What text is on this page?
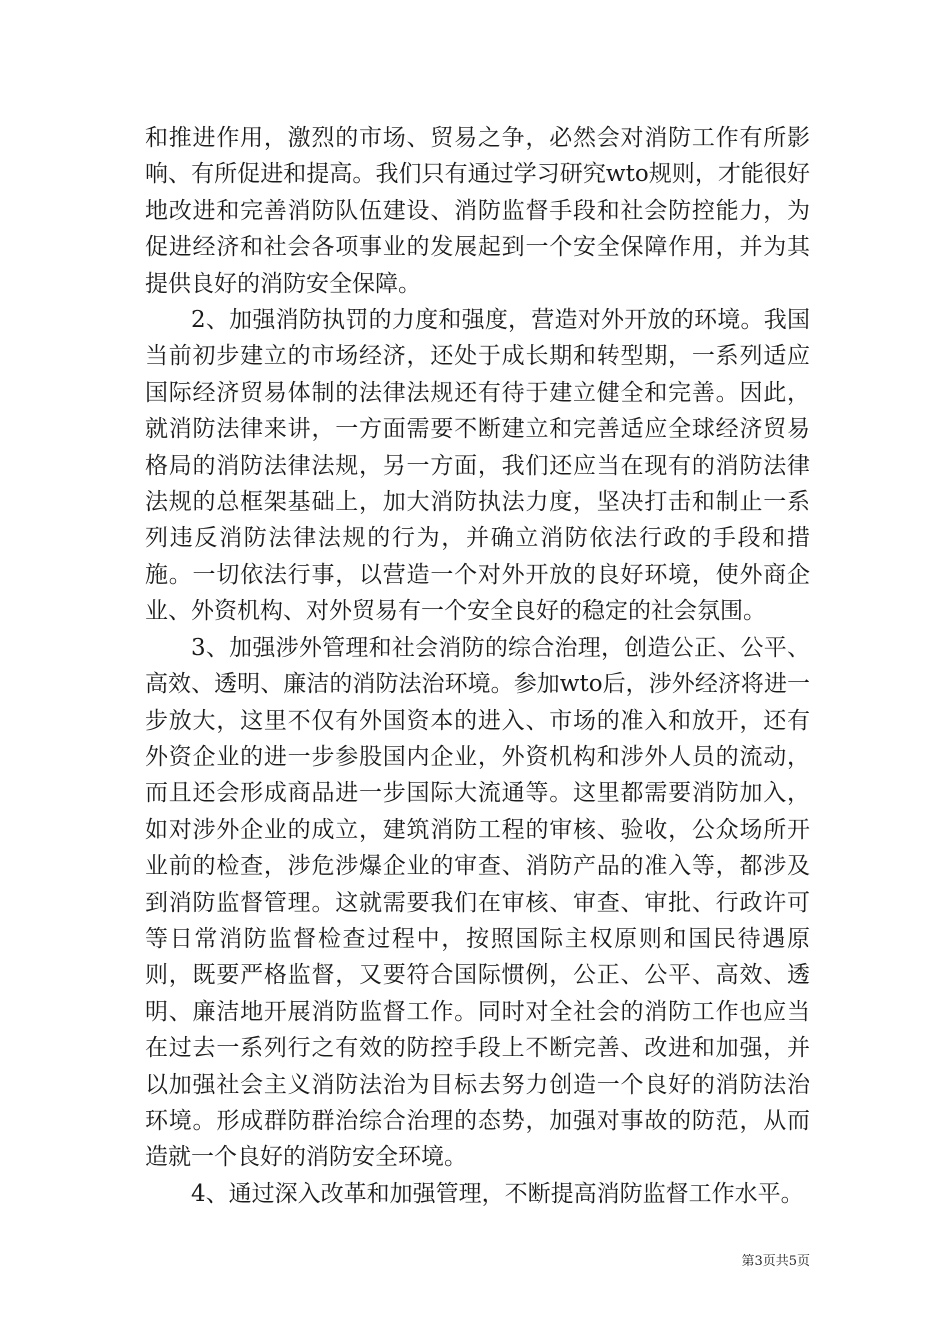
和推进作用，激烈的市场、贸易之争，必然会对消防工作有所影响、有所促进和提高。我们只有通过学习研究wto规则，才能很好地改进和完善消防队伍建设、消防监督手段和社会防控能力，为促进经济和社会各项事业的发展起到一个安全保障作用，并为其提供良好的消防安全保障。

2、加强消防执罚的力度和强度，营造对外开放的环境。我国当前初步建立的市场经济，还处于成长期和转型期，一系列适应国际经济贸易体制的法律法规还有待于建立健全和完善。因此，就消防法律来讲，一方面需要不断建立和完善适应全球经济贸易格局的消防法律法规，另一方面，我们还应当在现有的消防法律法规的总框架基础上，加大消防执法力度，坚决打击和制止一系列违反消防法律法规的行为，并确立消防依法行政的手段和措施。一切依法行事，以营造一个对外开放的良好环境，使外商企业、外资机构、对外贸易有一个安全良好的稳定的社会氛围。

3、加强涉外管理和社会消防的综合治理，创造公正、公平、高效、透明、廉洁的消防法治环境。参加wto后，涉外经济将进一步放大，这里不仅有外国资本的进入、市场的准入和放开，还有外资企业的进一步参股国内企业，外资机构和涉外人员的流动，而且还会形成商品进一步国际大流通等。这里都需要消防加入，如对涉外企业的成立，建筑消防工程的审核、验收，公众场所开业前的检查，涉危涉爆企业的审查、消防产品的准入等，都涉及到消防监督管理。这就需要我们在审核、审查、审批、行政许可等日常消防监督检查过程中，按照国际主权原则和国民待遇原则，既要严格监督，又要符合国际惯例，公正、公平、高效、透明、廉洁地开展消防监督工作。同时对全社会的消防工作也应当在过去一系列行之有效的防控手段上不断完善、改进和加强，并以加强社会主义消防法治为目标去努力创造一个良好的消防法治环境。形成群防群治综合治理的态势，加强对事故的防范，从而造就一个良好的消防安全环境。

4、通过深入改革和加强管理，不断提高消防监督工作水平。

第3页共5页
